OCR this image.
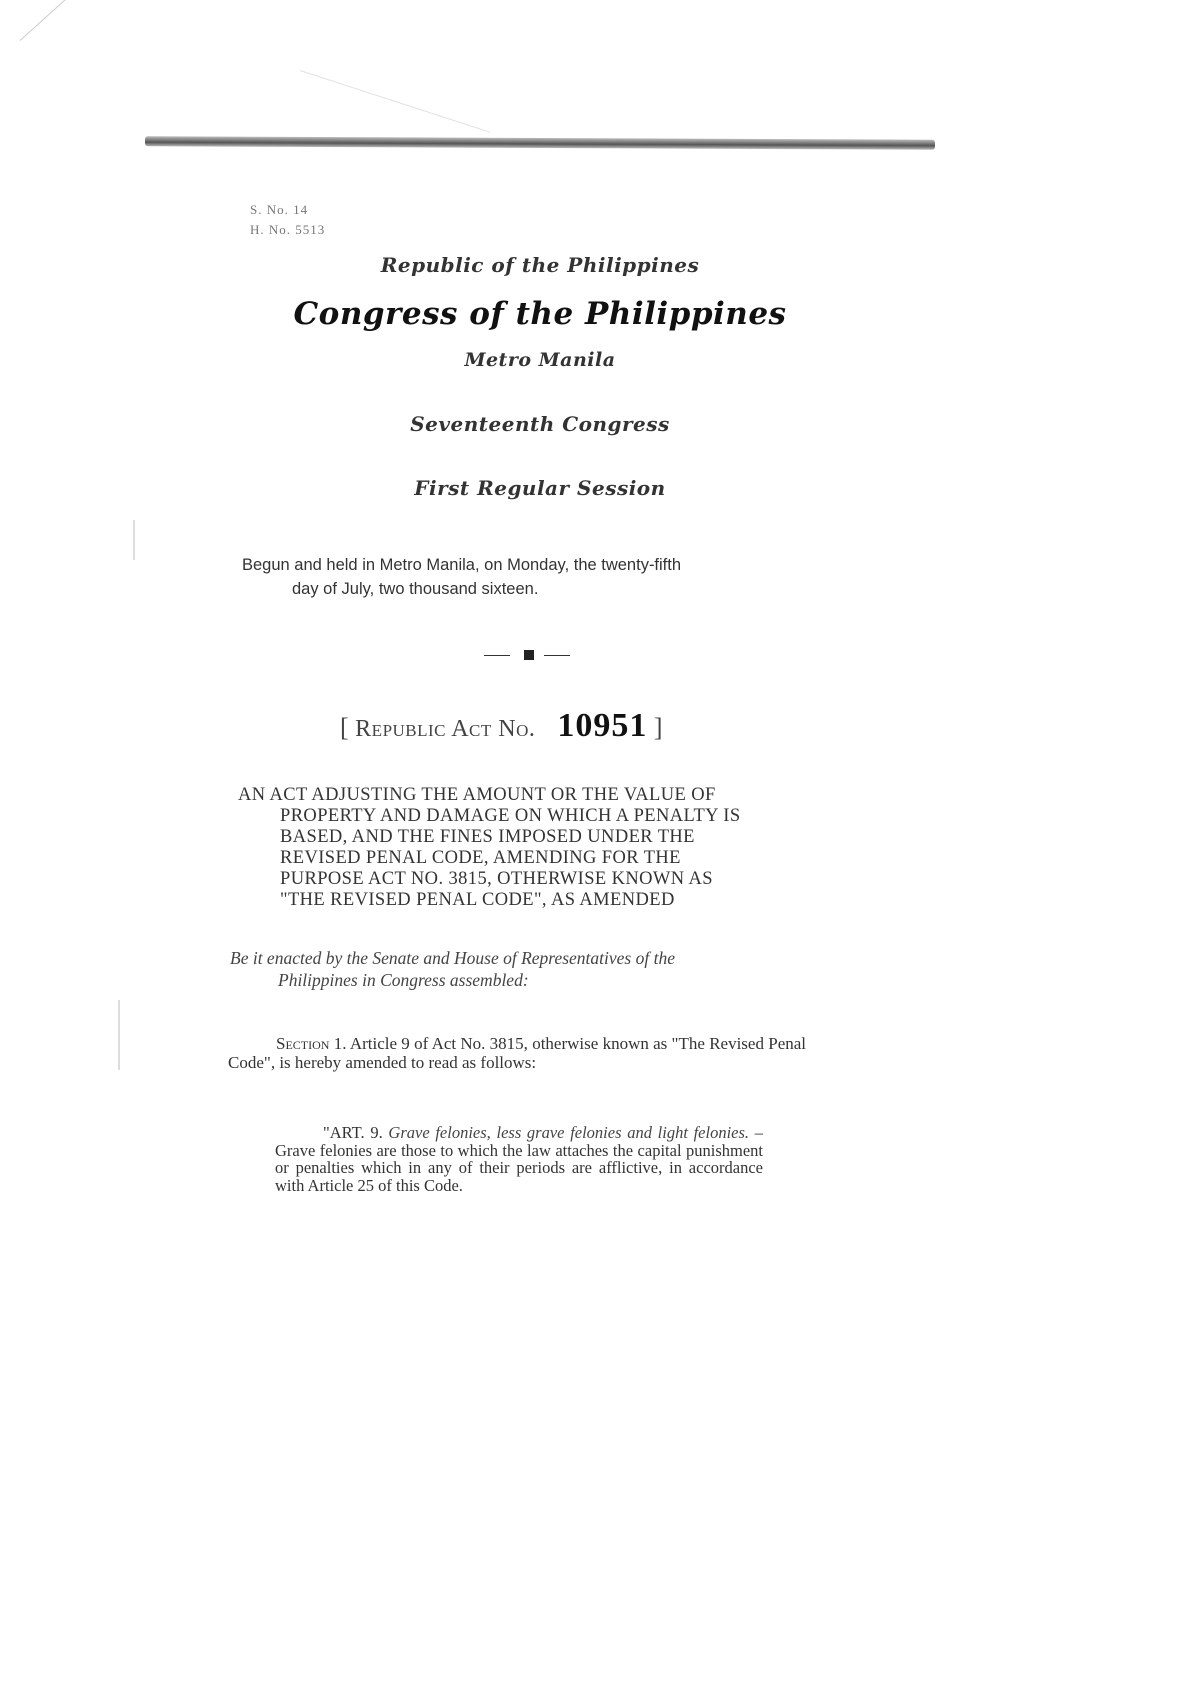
S. No. 14
H. No. 5513
Republic of the Philippines
Congress of the Philippines
Metro Manila
Seventeenth Congress
First Regular Session
Begun and held in Metro Manila, on Monday, the twenty-fifth
day of July, two thousand sixteen.
[ Republic Act No. 10951 ]
AN ACT ADJUSTING THE AMOUNT OR THE VALUE OF
PROPERTY AND DAMAGE ON WHICH A PENALTY IS
BASED, AND THE FINES IMPOSED UNDER THE
REVISED PENAL CODE, AMENDING FOR THE
PURPOSE ACT NO. 3815, OTHERWISE KNOWN AS
"THE REVISED PENAL CODE", AS AMENDED
Be it enacted by the Senate and House of Representatives of the
Philippines in Congress assembled:
Section 1. Article 9 of Act No. 3815, otherwise known as "The Revised Penal Code", is hereby amended to read as follows:
"ART. 9. Grave felonies, less grave felonies and light felonies. – Grave felonies are those to which the law attaches the capital punishment or penalties which in any of their periods are afflictive, in accordance with Article 25 of this Code.
